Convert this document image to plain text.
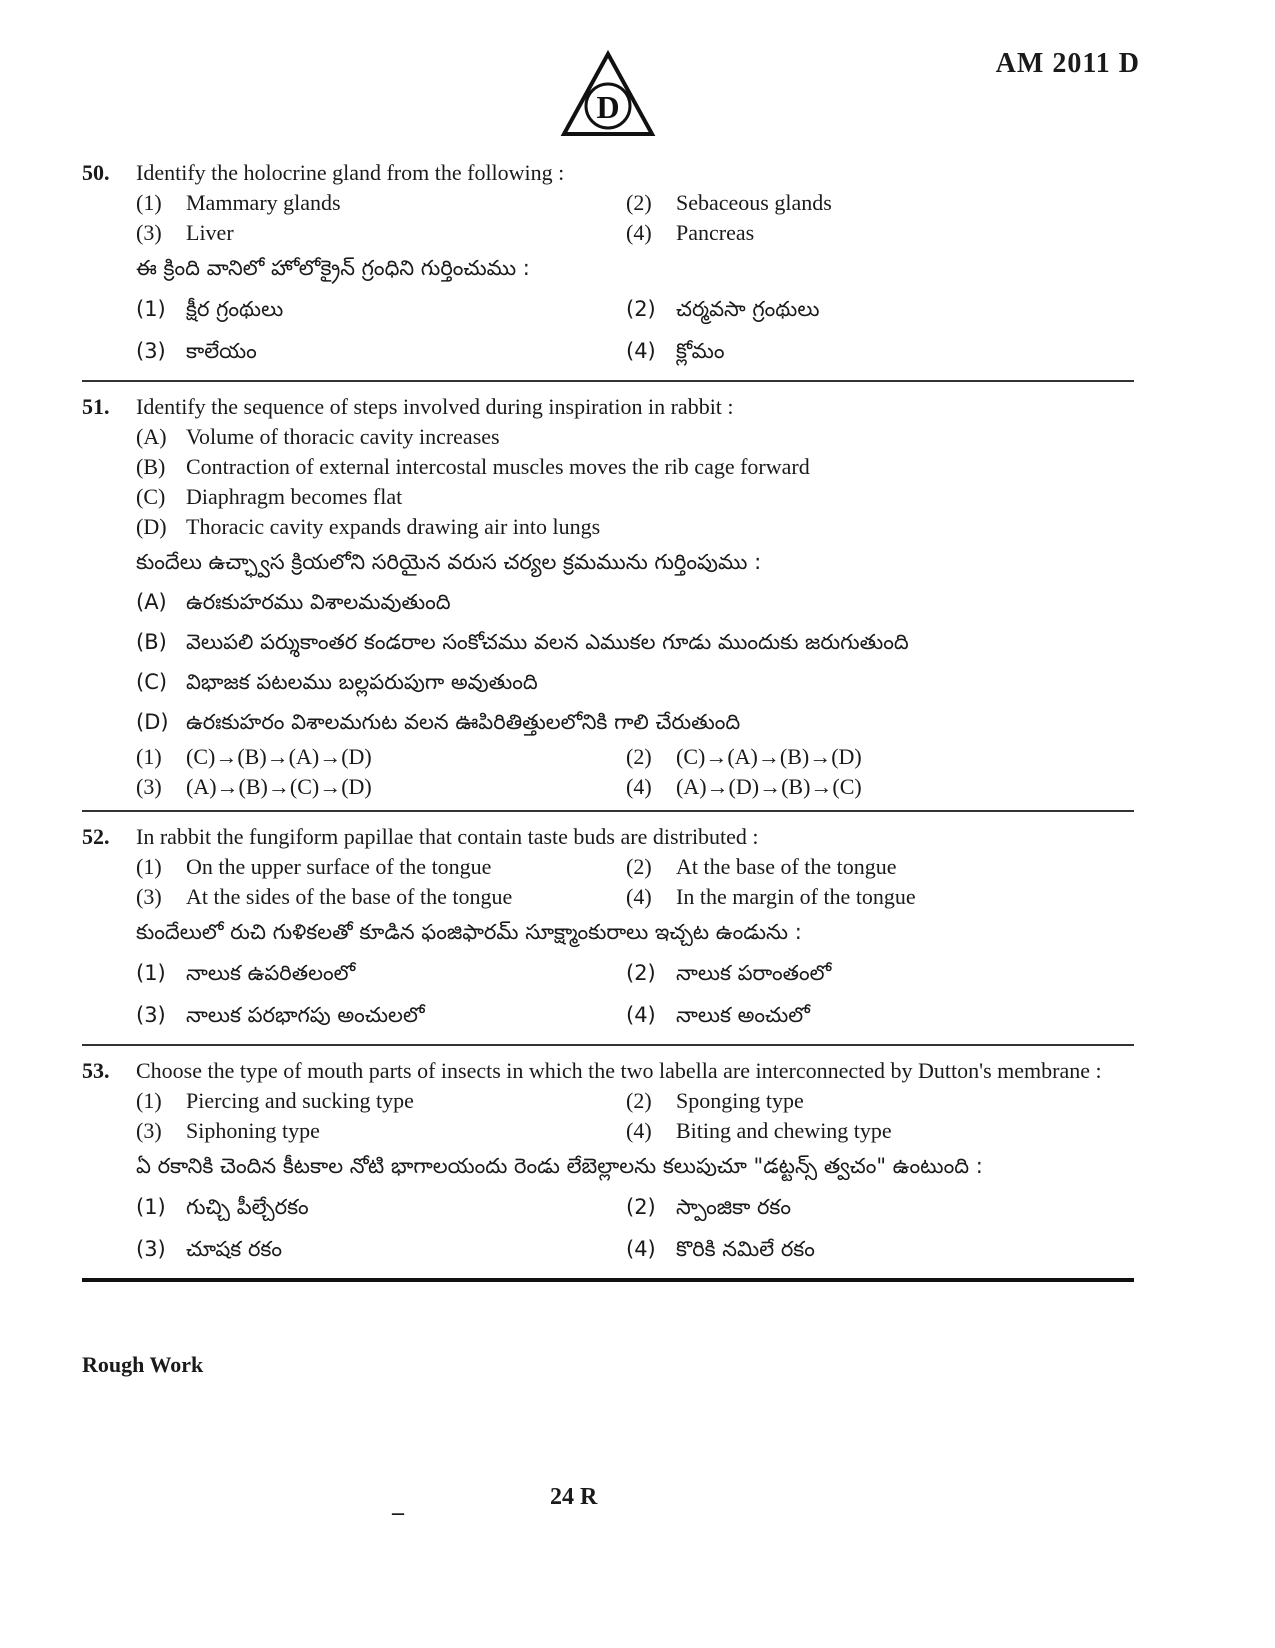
AM 2011 D
D
50.	Identify the holocrine gland from the following :
(1)	Mammary glands	(2)	Sebaceous glands
(3)	Liver	(4)	Pancreas
ఈ క్రింది వానిలో హోలోక్రైన్ గ్రంధిని గుర్తించుము :
(1) క్షీర గ్రంథులు	(2) చర్మవసా గ్రంథులు
(3) కాలేయం	(4) క్లోమం
51.	Identify the sequence of steps involved during inspiration in rabbit :
(A) Volume of thoracic cavity increases
(B) Contraction of external intercostal muscles moves the rib cage forward
(C) Diaphragm becomes flat
(D) Thoracic cavity expands drawing air into lungs
కుందేలు ఉచ్ఛ్వాస క్రియలోని సరియైన వరుస చర్యల క్రమమును గుర్తింపుము :
(A) ఉరఃకుహరము విశాలమవుతుంది
(B) వెలుపలి పర్శుకాంతర కండరాల సంకోచము వలన ఎముకల గూడు ముందుకు జరుగుతుంది
(C) విభాజక పటలము బల్లపరుపుగా అవుతుంది
(D) ఉరఃకుహరం విశాలమగుట వలన ఊపిరితిత్తులలోనికి గాలి చేరుతుంది
(1)	(C)→(B)→(A)→(D)	(2)	(C)→(A)→(B)→(D)
(3)	(A)→(B)→(C)→(D)	(4)	(A)→(D)→(B)→(C)
52.	In rabbit the fungiform papillae that contain taste buds are distributed :
(1)	On the upper surface of the tongue	(2)	At the base of the tongue
(3)	At the sides of the base of the tongue	(4)	In the margin of the tongue
కుందేలులో రుచి గుళికలతో కూడిన ఫంజిఫారమ్ సూక్ష్మాంకురాలు ఇచ్చట ఉండును :
(1) నాలుక ఉపరితలంలో	(2) నాలుక పరాంతంలో
(3) నాలుక పరభాగపు అంచులలో	(4) నాలుక అంచులో
53.	Choose the type of mouth parts of insects in which the two labella are interconnected by Dutton's membrane :
(1)	Piercing and sucking type	(2)	Sponging type
(3)	Siphoning type	(4)	Biting and chewing type
ఏ రకానికి చెందిన కీటకాల నోటి భాగాలయందు రెండు లేబెల్లాలను కలుపుచూ "డట్టన్స్ త్వచం" ఉంటుంది :
(1) గుచ్చి పీల్చేరకం	(2) స్పాంజికా రకం
(3) చూషక రకం	(4) కొరికి నమిలే రకం
Rough Work
–
24 R
